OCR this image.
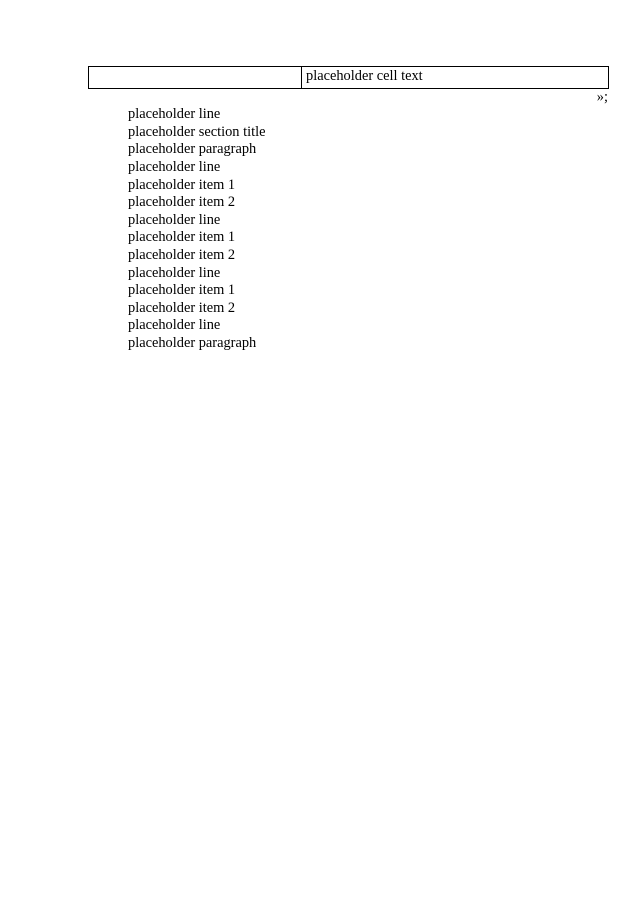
	placeholder cell text

»;

placeholder line

placeholder section title

placeholder paragraph

placeholder line

placeholder item 1

placeholder item 2

placeholder line

placeholder item 1

placeholder item 2

placeholder line

placeholder item 1

placeholder item 2

placeholder line

placeholder paragraph
